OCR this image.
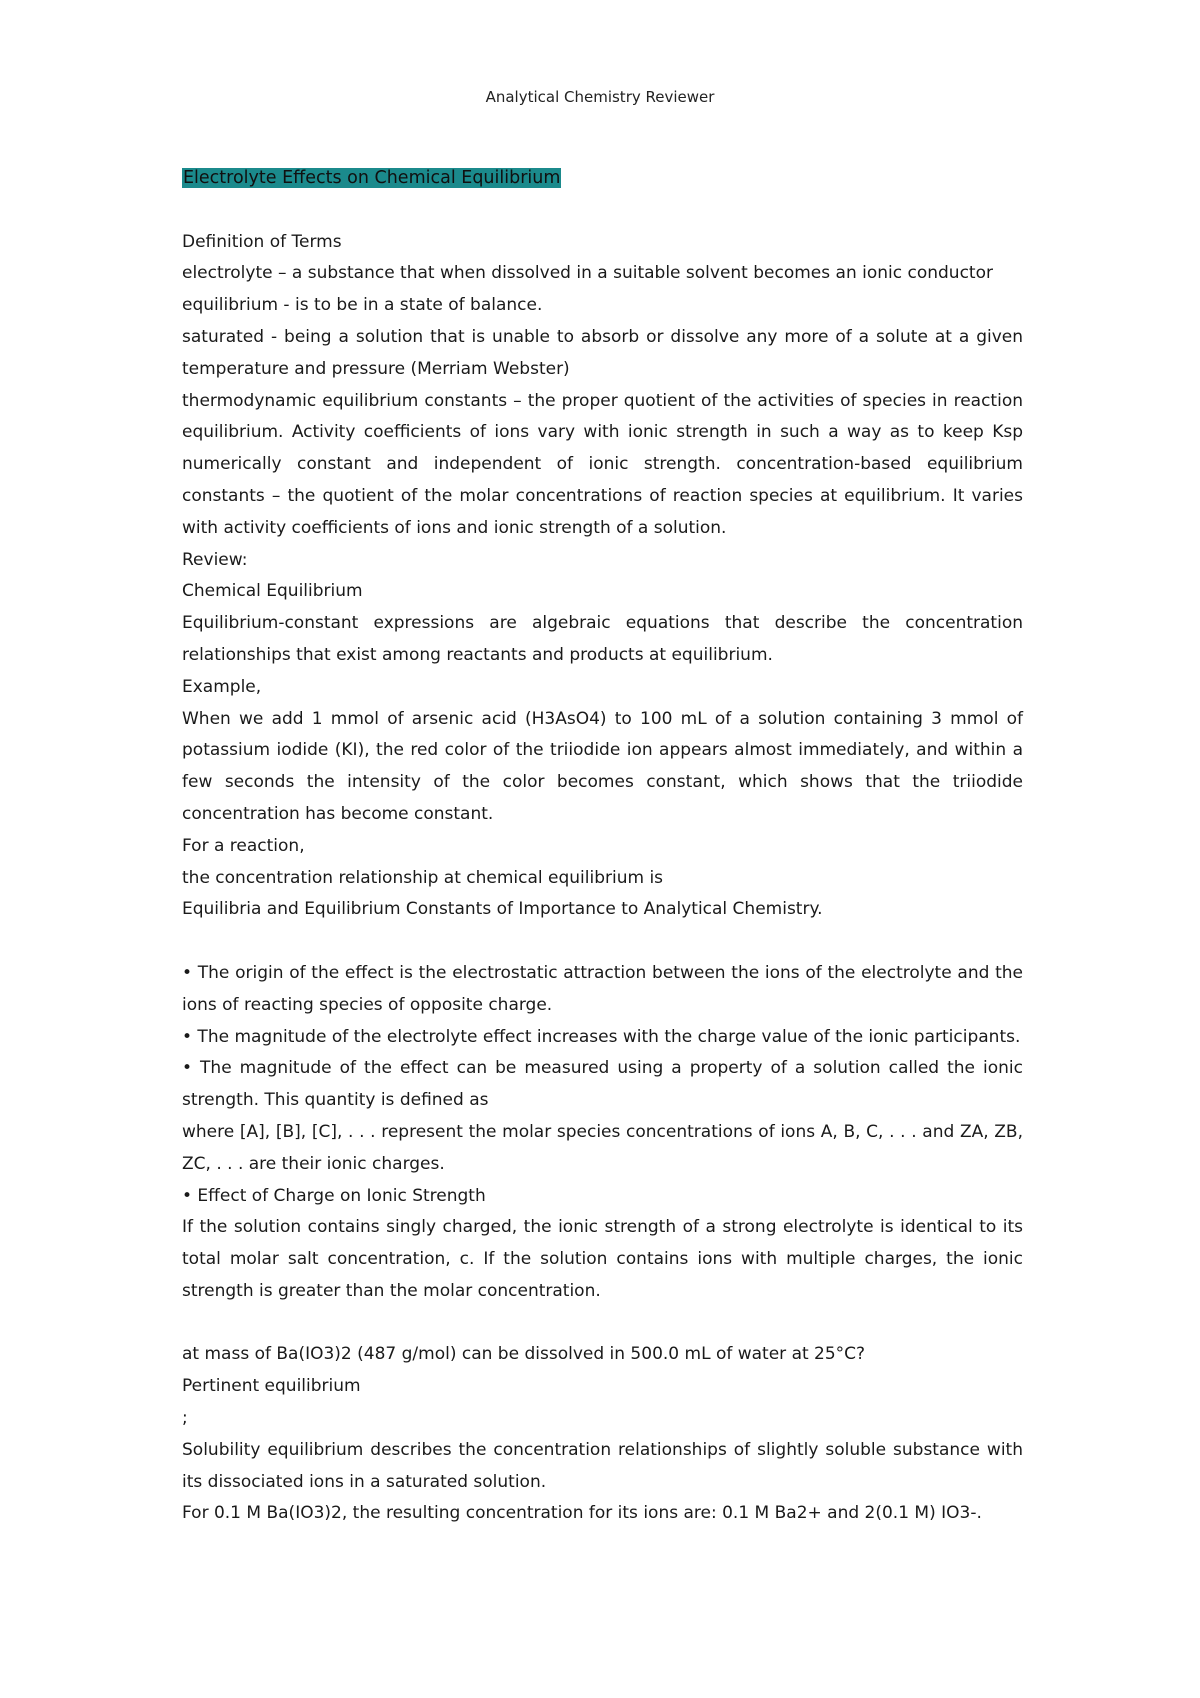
Analytical Chemistry Reviewer

Electrolyte Effects on Chemical Equilibrium

Definition of Terms

electrolyte – a substance that when dissolved in a suitable solvent becomes an ionic conductor

equilibrium - is to be in a state of balance.

saturated - being a solution that is unable to absorb or dissolve any more of a solute at a given temperature and pressure (Merriam Webster)

thermodynamic equilibrium constants – the proper quotient of the activities of species in reaction equilibrium. Activity coefficients of ions vary with ionic strength in such a way as to keep Ksp numerically constant and independent of ionic strength. concentration-based equilibrium constants – the quotient of the molar concentrations of reaction species at equilibrium. It varies with activity coefficients of ions and ionic strength of a solution.

Review:

Chemical Equilibrium

Equilibrium-constant expressions are algebraic equations that describe the concentration relationships that exist among reactants and products at equilibrium.

Example,

When we add 1 mmol of arsenic acid (H3AsO4) to 100 mL of a solution containing 3 mmol of potassium iodide (KI), the red color of the triiodide ion appears almost immediately, and within a few seconds the intensity of the color becomes constant, which shows that the triiodide concentration has become constant.

For a reaction,

the concentration relationship at chemical equilibrium is

Equilibria and Equilibrium Constants of Importance to Analytical Chemistry.

• The origin of the effect is the electrostatic attraction between the ions of the electrolyte and the ions of reacting species of opposite charge.

• The magnitude of the electrolyte effect increases with the charge value of the ionic participants.

• The magnitude of the effect can be measured using a property of a solution called the ionic strength. This quantity is defined as

where [A], [B], [C], . . . represent the molar species concentrations of ions A, B, C, . . . and ZA, ZB, ZC, . . . are their ionic charges.

• Effect of Charge on Ionic Strength

If the solution contains singly charged, the ionic strength of a strong electrolyte is identical to its total molar salt concentration, c. If the solution contains ions with multiple charges, the ionic strength is greater than the molar concentration.

at mass of Ba(IO3)2 (487 g/mol) can be dissolved in 500.0 mL of water at 25°C?

Pertinent equilibrium

;

Solubility equilibrium describes the concentration relationships of slightly soluble substance with its dissociated ions in a saturated solution.

For 0.1 M Ba(IO3)2, the resulting concentration for its ions are: 0.1 M Ba2+ and 2(0.1 M) IO3-.
